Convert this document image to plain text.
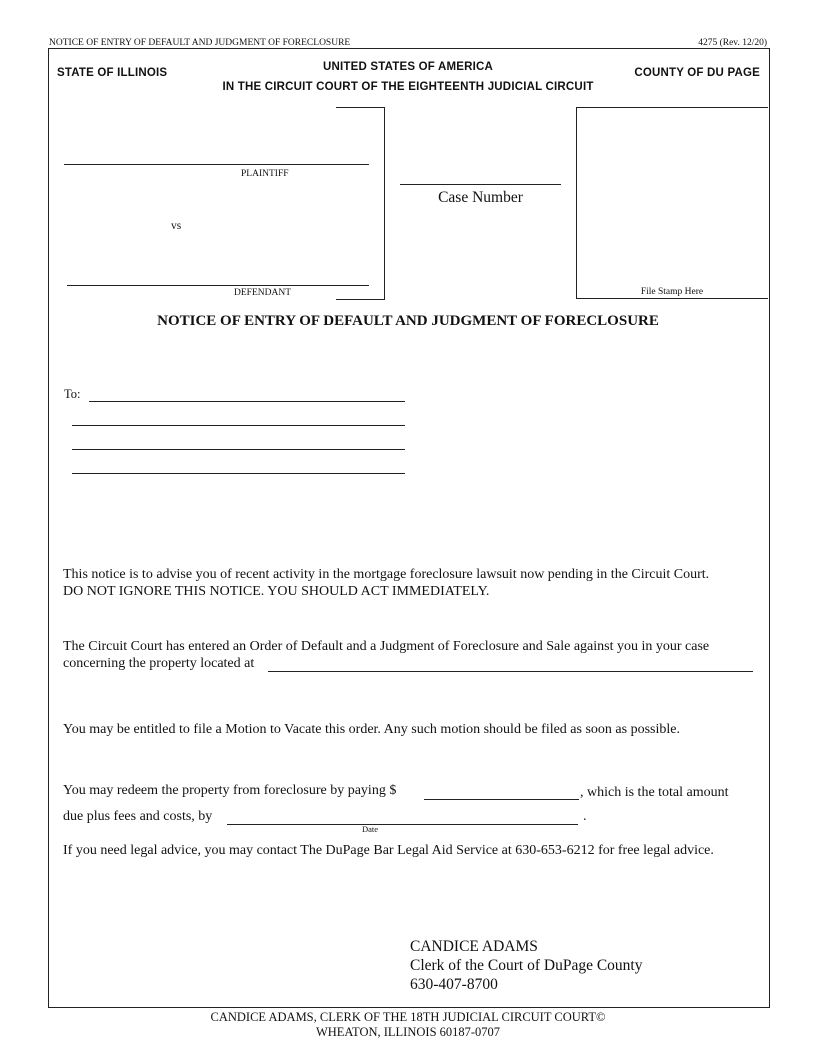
NOTICE OF ENTRY OF DEFAULT AND JUDGMENT OF FORECLOSURE	4275 (Rev. 12/20)
STATE OF ILLINOIS	UNITED STATES OF AMERICA
IN THE CIRCUIT COURT OF THE EIGHTEENTH JUDICIAL CIRCUIT
COUNTY OF DU PAGE
PLAINTIFF
vs
DEFENDANT
Case Number
File Stamp Here
NOTICE OF ENTRY OF DEFAULT AND JUDGMENT OF FORECLOSURE
To:
This notice is to advise you of recent activity in the mortgage foreclosure lawsuit now pending in the Circuit Court.
DO NOT IGNORE THIS NOTICE. YOU SHOULD ACT IMMEDIATELY.
The Circuit Court has entered an Order of Default and a Judgment of Foreclosure and Sale against you in your case
concerning the property located at
You may be entitled to file a Motion to Vacate this order. Any such motion should be filed as soon as possible.
You may redeem the property from foreclosure by paying $	, which is the total amount
due plus fees and costs, by	.
Date
If you need legal advice, you may contact The DuPage Bar Legal Aid Service at 630-653-6212 for free legal advice.
CANDICE ADAMS
Clerk of the Court of DuPage County
630-407-8700
CANDICE ADAMS, CLERK OF THE 18TH JUDICIAL CIRCUIT COURT©
WHEATON, ILLINOIS 60187-0707
